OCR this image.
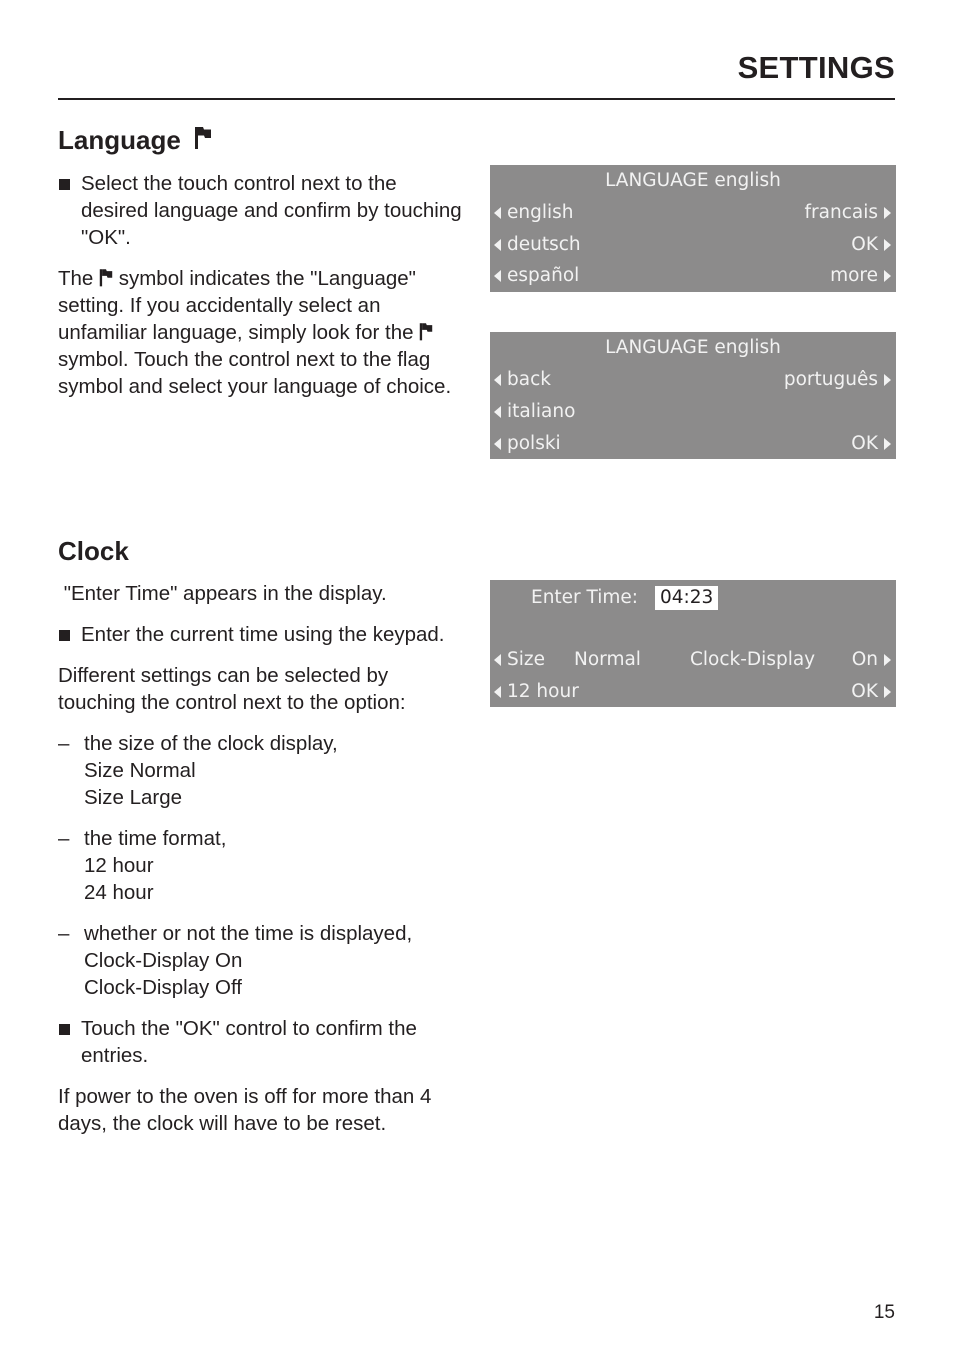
SETTINGS
Language
Select the touch control next to the desired language and confirm by touching "OK".
The symbol indicates the "Language" setting. If you accidentally select an unfamiliar language, simply look for the  symbol. Touch the control next to the flag symbol and select your language of choice.
LANGUAGE english
english	francais
deutsch	OK
español	more
LANGUAGE english
back	português
italiano
polski	OK
Clock
"Enter Time" appears in the display.
Enter the current time using the keypad.
Different settings can be selected by touching the control next to the option:
– the size of the clock display,
Size Normal
Size Large
– the time format,
12 hour
24 hour
– whether or not the time is displayed,
Clock-Display On
Clock-Display Off
Touch the "OK" control to confirm the entries.
If power to the oven is off for more than 4 days, the clock will have to be reset.
Enter Time:	04:23
Size Normal	Clock-Display On
12 hour	OK
15
